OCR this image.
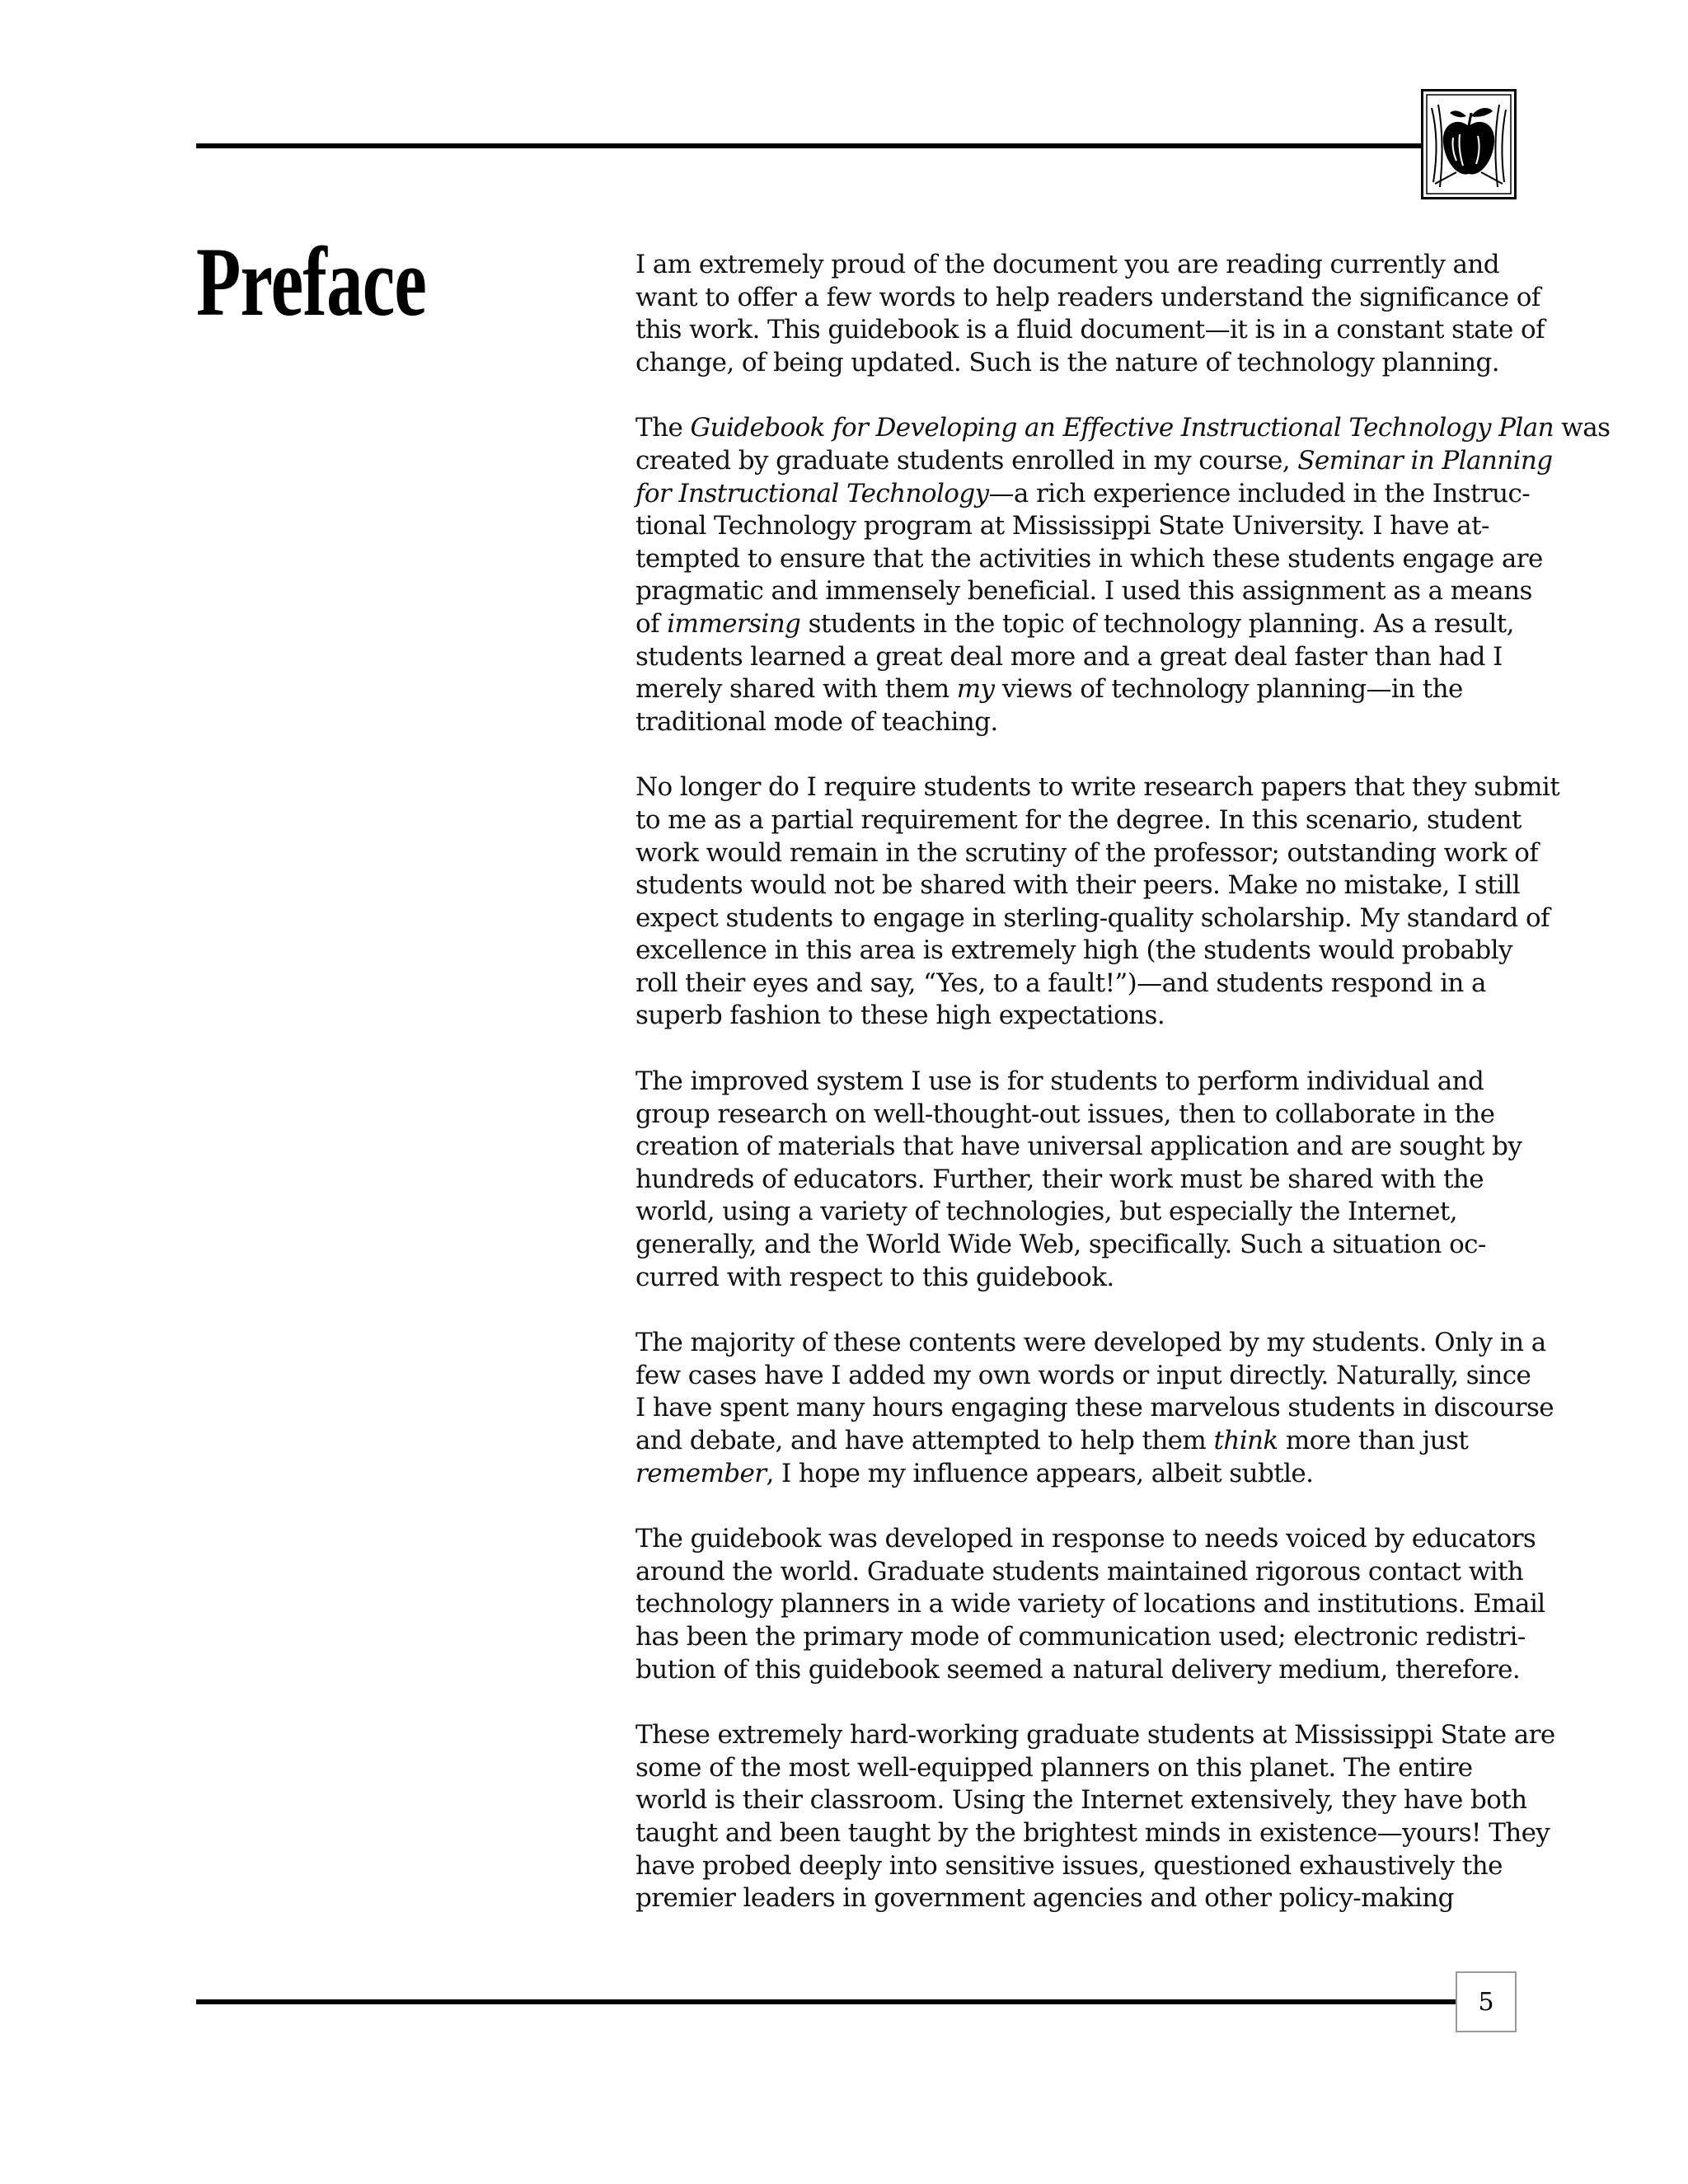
Preface	I am extremely proud of the document you are reading currently and
want to offer a few words to help readers understand the significance of
this work. This guidebook is a fluid document—it is in a constant state of
change, of being updated. Such is the nature of technology planning.

The Guidebook for Developing an Effective Instructional Technology Plan was
created by graduate students enrolled in my course, Seminar in Planning
for Instructional Technology—a rich experience included in the Instruc-
tional Technology program at Mississippi State University. I have at-
tempted to ensure that the activities in which these students engage are
pragmatic and immensely beneficial. I used this assignment as a means
of immersing students in the topic of technology planning. As a result,
students learned a great deal more and a great deal faster than had I
merely shared with them my views of technology planning—in the
traditional mode of teaching.

No longer do I require students to write research papers that they submit
to me as a partial requirement for the degree. In this scenario, student
work would remain in the scrutiny of the professor; outstanding work of
students would not be shared with their peers. Make no mistake, I still
expect students to engage in sterling-quality scholarship. My standard of
excellence in this area is extremely high (the students would probably
roll their eyes and say, “Yes, to a fault!”)—and students respond in a
superb fashion to these high expectations.

The improved system I use is for students to perform individual and
group research on well-thought-out issues, then to collaborate in the
creation of materials that have universal application and are sought by
hundreds of educators. Further, their work must be shared with the
world, using a variety of technologies, but especially the Internet,
generally, and the World Wide Web, specifically. Such a situation oc-
curred with respect to this guidebook.

The majority of these contents were developed by my students. Only in a
few cases have I added my own words or input directly. Naturally, since
I have spent many hours engaging these marvelous students in discourse
and debate, and have attempted to help them think more than just
remember, I hope my influence appears, albeit subtle.

The guidebook was developed in response to needs voiced by educators
around the world. Graduate students maintained rigorous contact with
technology planners in a wide variety of locations and institutions. Email
has been the primary mode of communication used; electronic redistri-
bution of this guidebook seemed a natural delivery medium, therefore.

These extremely hard-working graduate students at Mississippi State are
some of the most well-equipped planners on this planet. The entire
world is their classroom. Using the Internet extensively, they have both
taught and been taught by the brightest minds in existence—yours! They
have probed deeply into sensitive issues, questioned exhaustively the
premier leaders in government agencies and other policy-making

5
